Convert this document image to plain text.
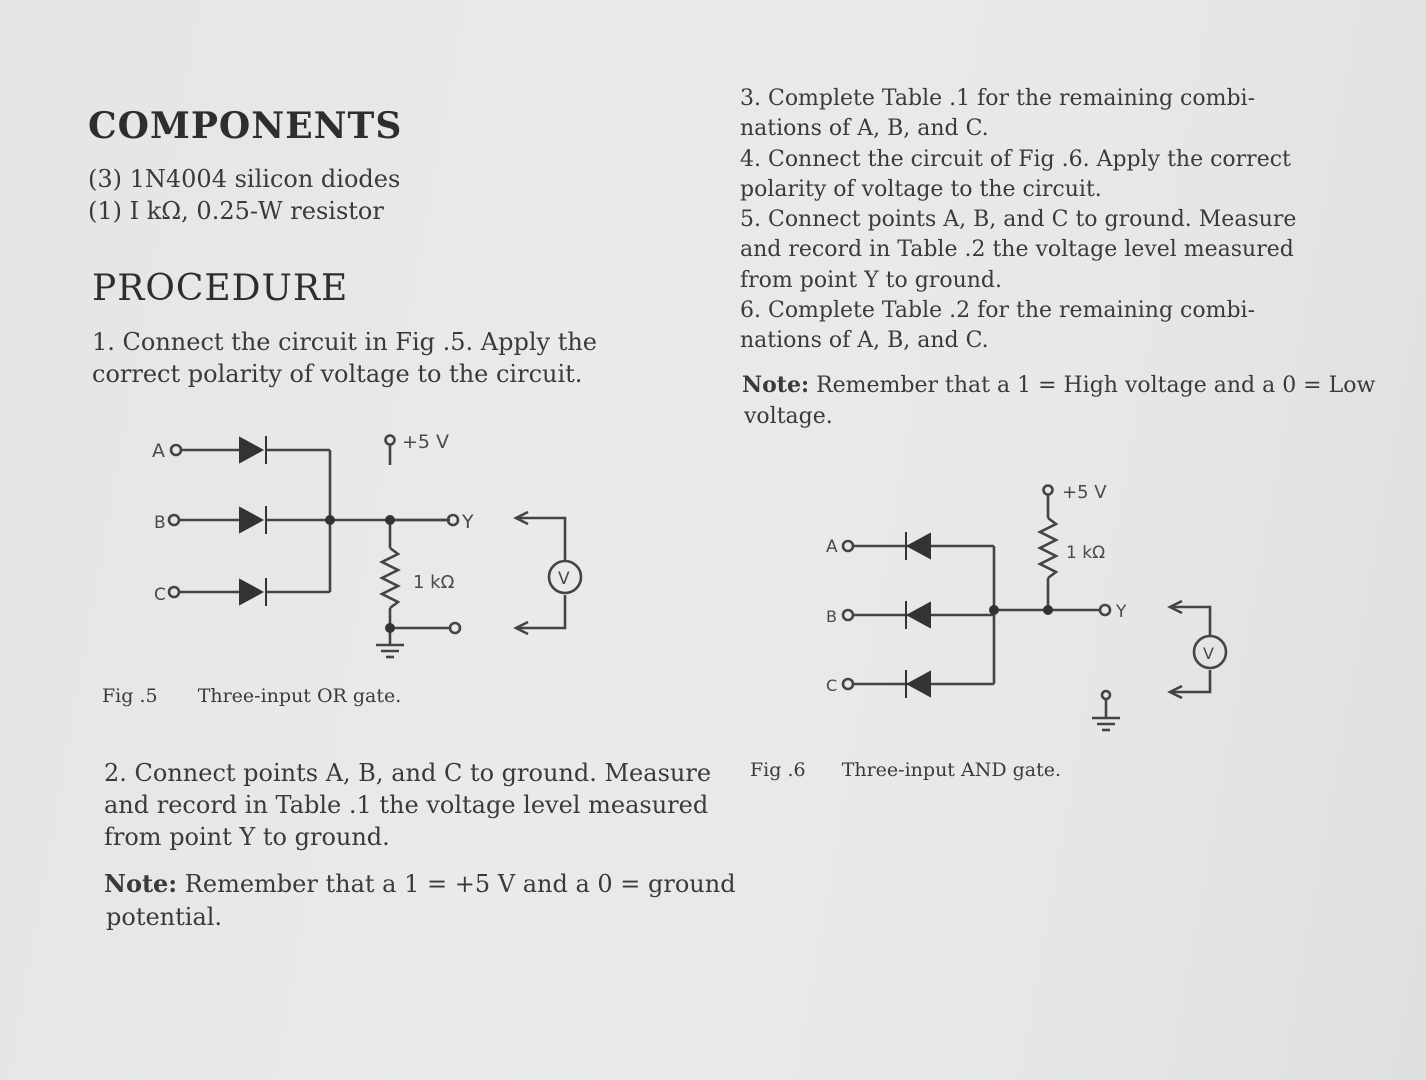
COMPONENTS
(3) 1N4004 silicon diodes
(1) I kΩ, 0.25-W resistor
PROCEDURE
1. Connect the circuit in Fig .5. Apply the
correct polarity of voltage to the circuit.
A
B
C
+5 V
1 kΩ
Y
V
Fig .5 Three-input OR gate.
2. Connect points A, B, and C to ground. Measure
and record in Table .1 the voltage level measured
from point Y to ground.
Note: Remember that a 1 = +5 V and a 0 = ground
potential.
3. Complete Table .1 for the remaining combi-
nations of A, B, and C.
4. Connect the circuit of Fig .6. Apply the correct
polarity of voltage to the circuit.
5. Connect points A, B, and C to ground. Measure
and record in Table .2 the voltage level measured
from point Y to ground.
6. Complete Table .2 for the remaining combi-
nations of A, B, and C.
Note: Remember that a 1 = High voltage and a 0 = Low
voltage.
A
B
C
+5 V
1 kΩ
Y
V
Fig .6 Three-input AND gate.
